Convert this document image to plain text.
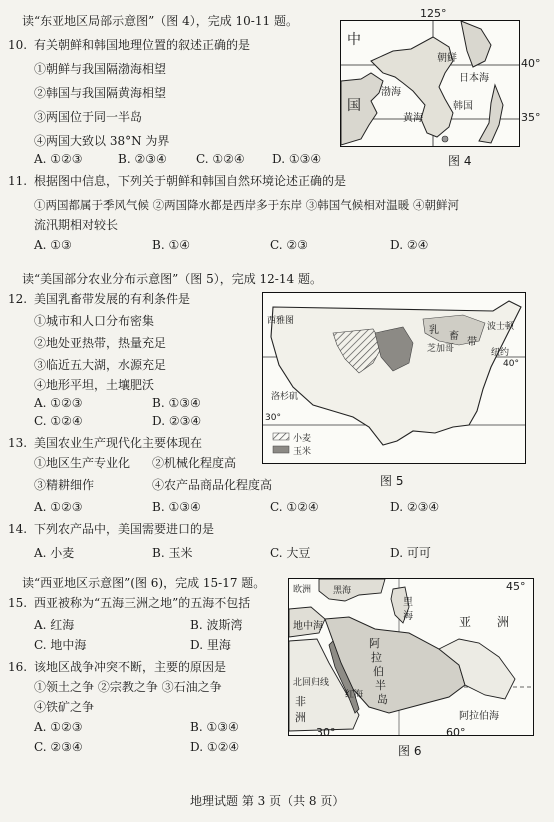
读“东亚地区局部示意图”（图 4），完成 10-11 题。
10. 有关朝鲜和韩国地理位置的叙述正确的是
①朝鲜与我国隔渤海相望
②韩国与我国隔黄海相望
③两国位于同一半岛
④两国大致以 38°N 为界
A. ①②③	B. ②③④ C. ①②④ D. ①③④
中
国
朝鲜
渤海
韩国
黄海
日本海
125°
40°
35°
图 4
11. 根据图中信息，下列关于朝鲜和韩国自然环境论述正确的是
①两国都属于季风气候 ②两国降水都是西岸多于东岸 ③韩国气候相对温暖 ④朝鲜河
流汛期相对较长
A. ①③	B. ①④	C. ②③	D. ②④
读“美国部分农业分布示意图”（图 5），完成 12-14 题。
12. 美国乳畜带发展的有利条件是
①城市和人口分布密集
②地处亚热带，热量充足
③临近五大湖，水源充足
④地形平坦，土壤肥沃
A. ①②③	B. ①③④
C. ①②④	D. ②③④
西雅图
乳
畜
带
波士顿
纽约
芝加哥
洛杉矶
40°
30°
小麦
玉米
图 5
13. 美国农业生产现代化主要体现在
①地区生产专业化 ②机械化程度高
③精耕细作	④农产品商品化程度高
A. ①②③	B. ①③④	C. ①②④	D. ②③④
14. 下列农产品中，美国需要进口的是
A. 小麦	B. 玉米	C. 大豆	D. 可可
读“西亚地区示意图”(图 6)，完成 15-17 题。
15. 西亚被称为“五海三洲之地”的五海不包括
A. 红海	B. 波斯湾
C. 地中海	D. 里海
欧洲 黑海
里
海	亚 洲
地中海
阿
拉
伯
半
岛
北回归线
非
洲
红海
阿拉伯海
45°
30°	60°
图 6
16. 该地区战争冲突不断，主要的原因是
①领土之争 ②宗教之争 ③石油之争
④铁矿之争
A. ①②③	B. ①③④
C. ②③④	D. ①②④
地理试题 第 3 页（共 8 页）
